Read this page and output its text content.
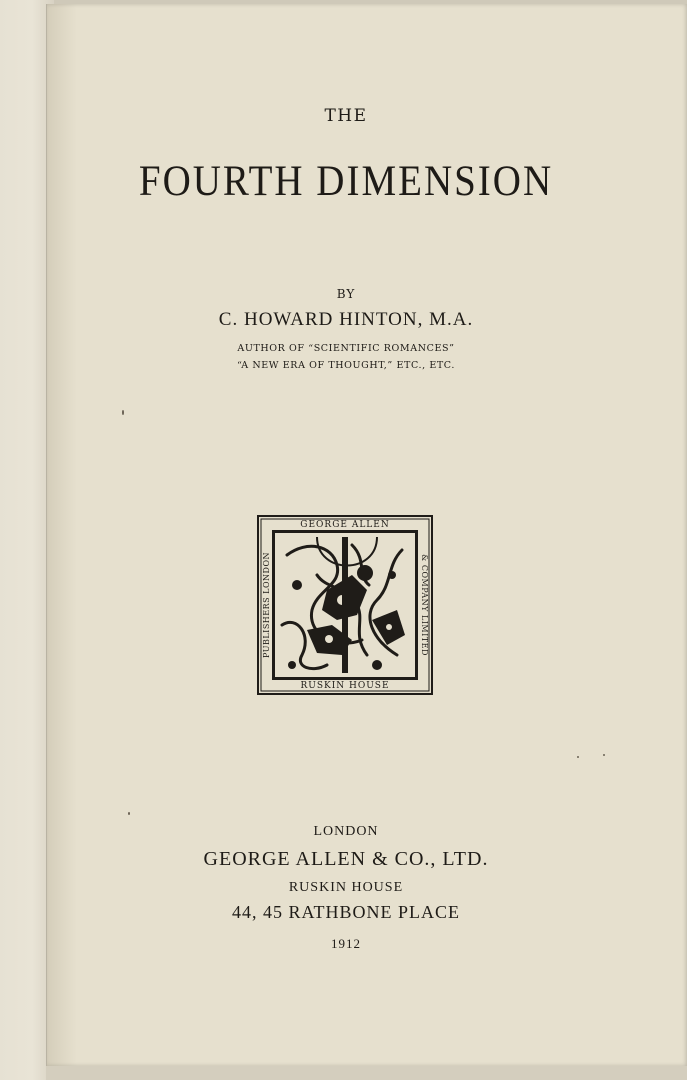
THE
FOURTH DIMENSION
BY
C. HOWARD HINTON, M.A.
AUTHOR OF “SCIENTIFIC ROMANCES”
“A NEW ERA OF THOUGHT,” ETC., ETC.
GEORGE ALLEN
RUSKIN HOUSE
PUBLISHERS LONDON	& COMPANY LIMITED
LONDON
GEORGE ALLEN & CO., LTD.
RUSKIN HOUSE
44, 45 RATHBONE PLACE
1912
